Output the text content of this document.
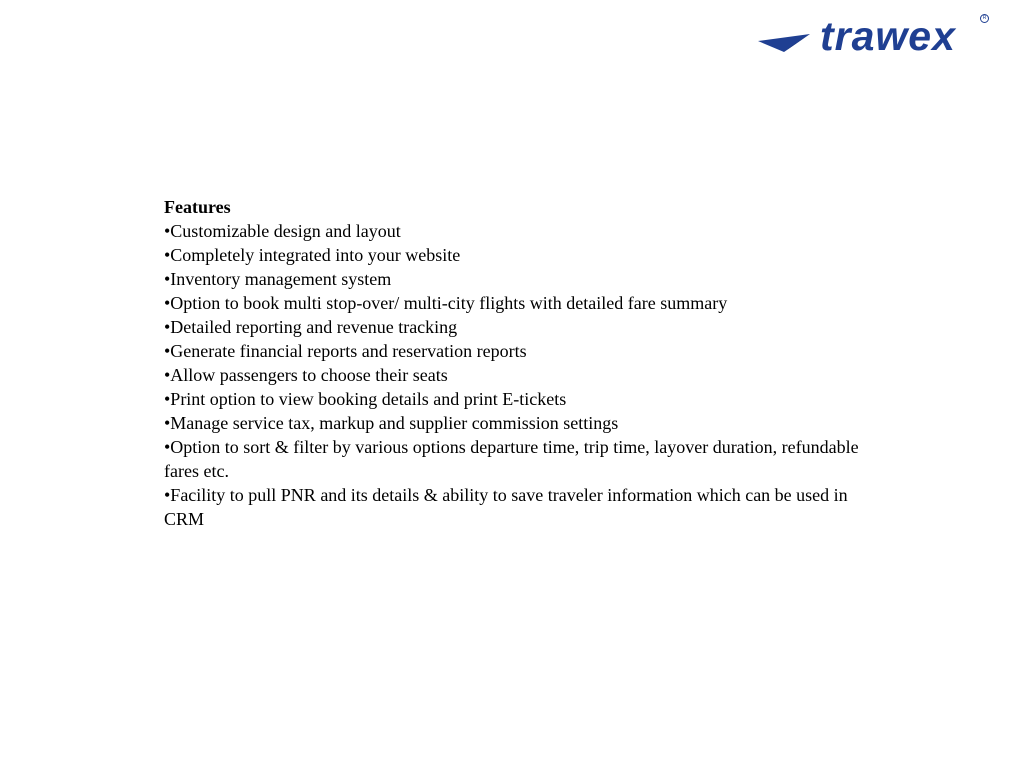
trawex	R
Features
•Customizable design and layout
•Completely integrated into your website
•Inventory management system
•Option to book multi stop-over/ multi-city flights with detailed fare summary
•Detailed reporting and revenue tracking
•Generate financial reports and reservation reports
•Allow passengers to choose their seats
•Print option to view booking details and print E-tickets
•Manage service tax, markup and supplier commission settings
•Option to sort & filter by various options departure time, trip time, layover duration, refundable fares etc.
•Facility to pull PNR and its details & ability to save traveler information which can be used in CRM
